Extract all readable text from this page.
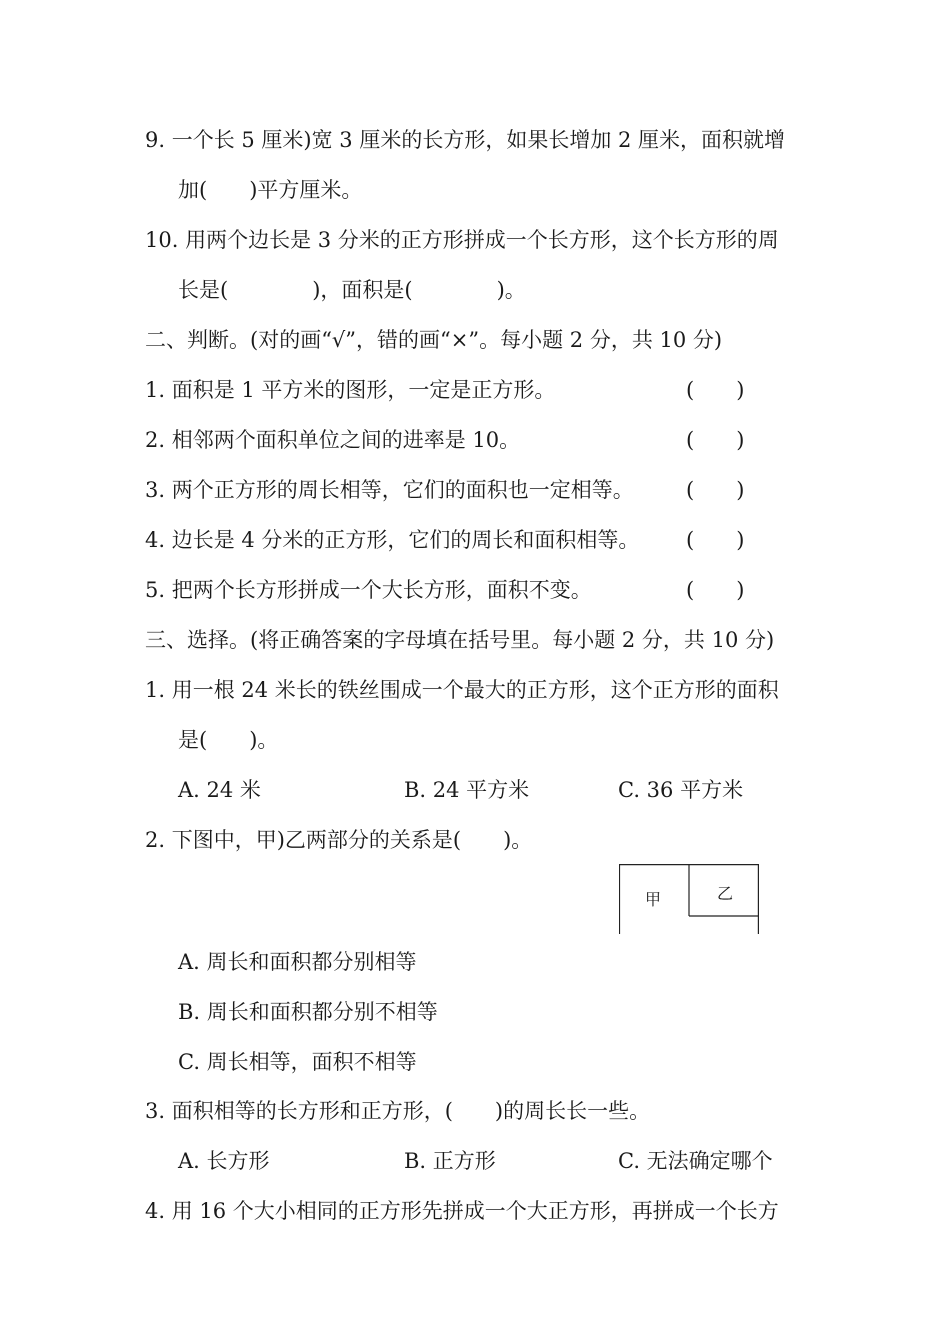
9. 一个长 5 厘米)宽 3 厘米的长方形，如果长增加 2 厘米，面积就增
加(　　)平方厘米。
10. 用两个边长是 3 分米的正方形拼成一个长方形，这个长方形的周
长是(　　　　)，面积是(　　　　)。
二、判断。(对的画“√”，错的画“×”。每小题 2 分，共 10 分)
1. 面积是 1 平方米的图形，一定是正方形。	(　　)
2. 相邻两个面积单位之间的进率是 10。	(　　)
3. 两个正方形的周长相等，它们的面积也一定相等。 (　　)
4. 边长是 4 分米的正方形，它们的周长和面积相等。 (　　)
5. 把两个长方形拼成一个大长方形，面积不变。	(　　)
三、选择。(将正确答案的字母填在括号里。每小题 2 分，共 10 分)
1. 用一根 24 米长的铁丝围成一个最大的正方形，这个正方形的面积
是(　　)。
A. 24 米	B. 24 平方米	C. 36 平方米
2. 下图中，甲)乙两部分的关系是(　　)。
甲	乙
A. 周长和面积都分别相等
B. 周长和面积都分别不相等
C. 周长相等，面积不相等
3. 面积相等的长方形和正方形，(　　)的周长长一些。
A. 长方形	B. 正方形	C. 无法确定哪个
4. 用 16 个大小相同的正方形先拼成一个大正方形，再拼成一个长方
